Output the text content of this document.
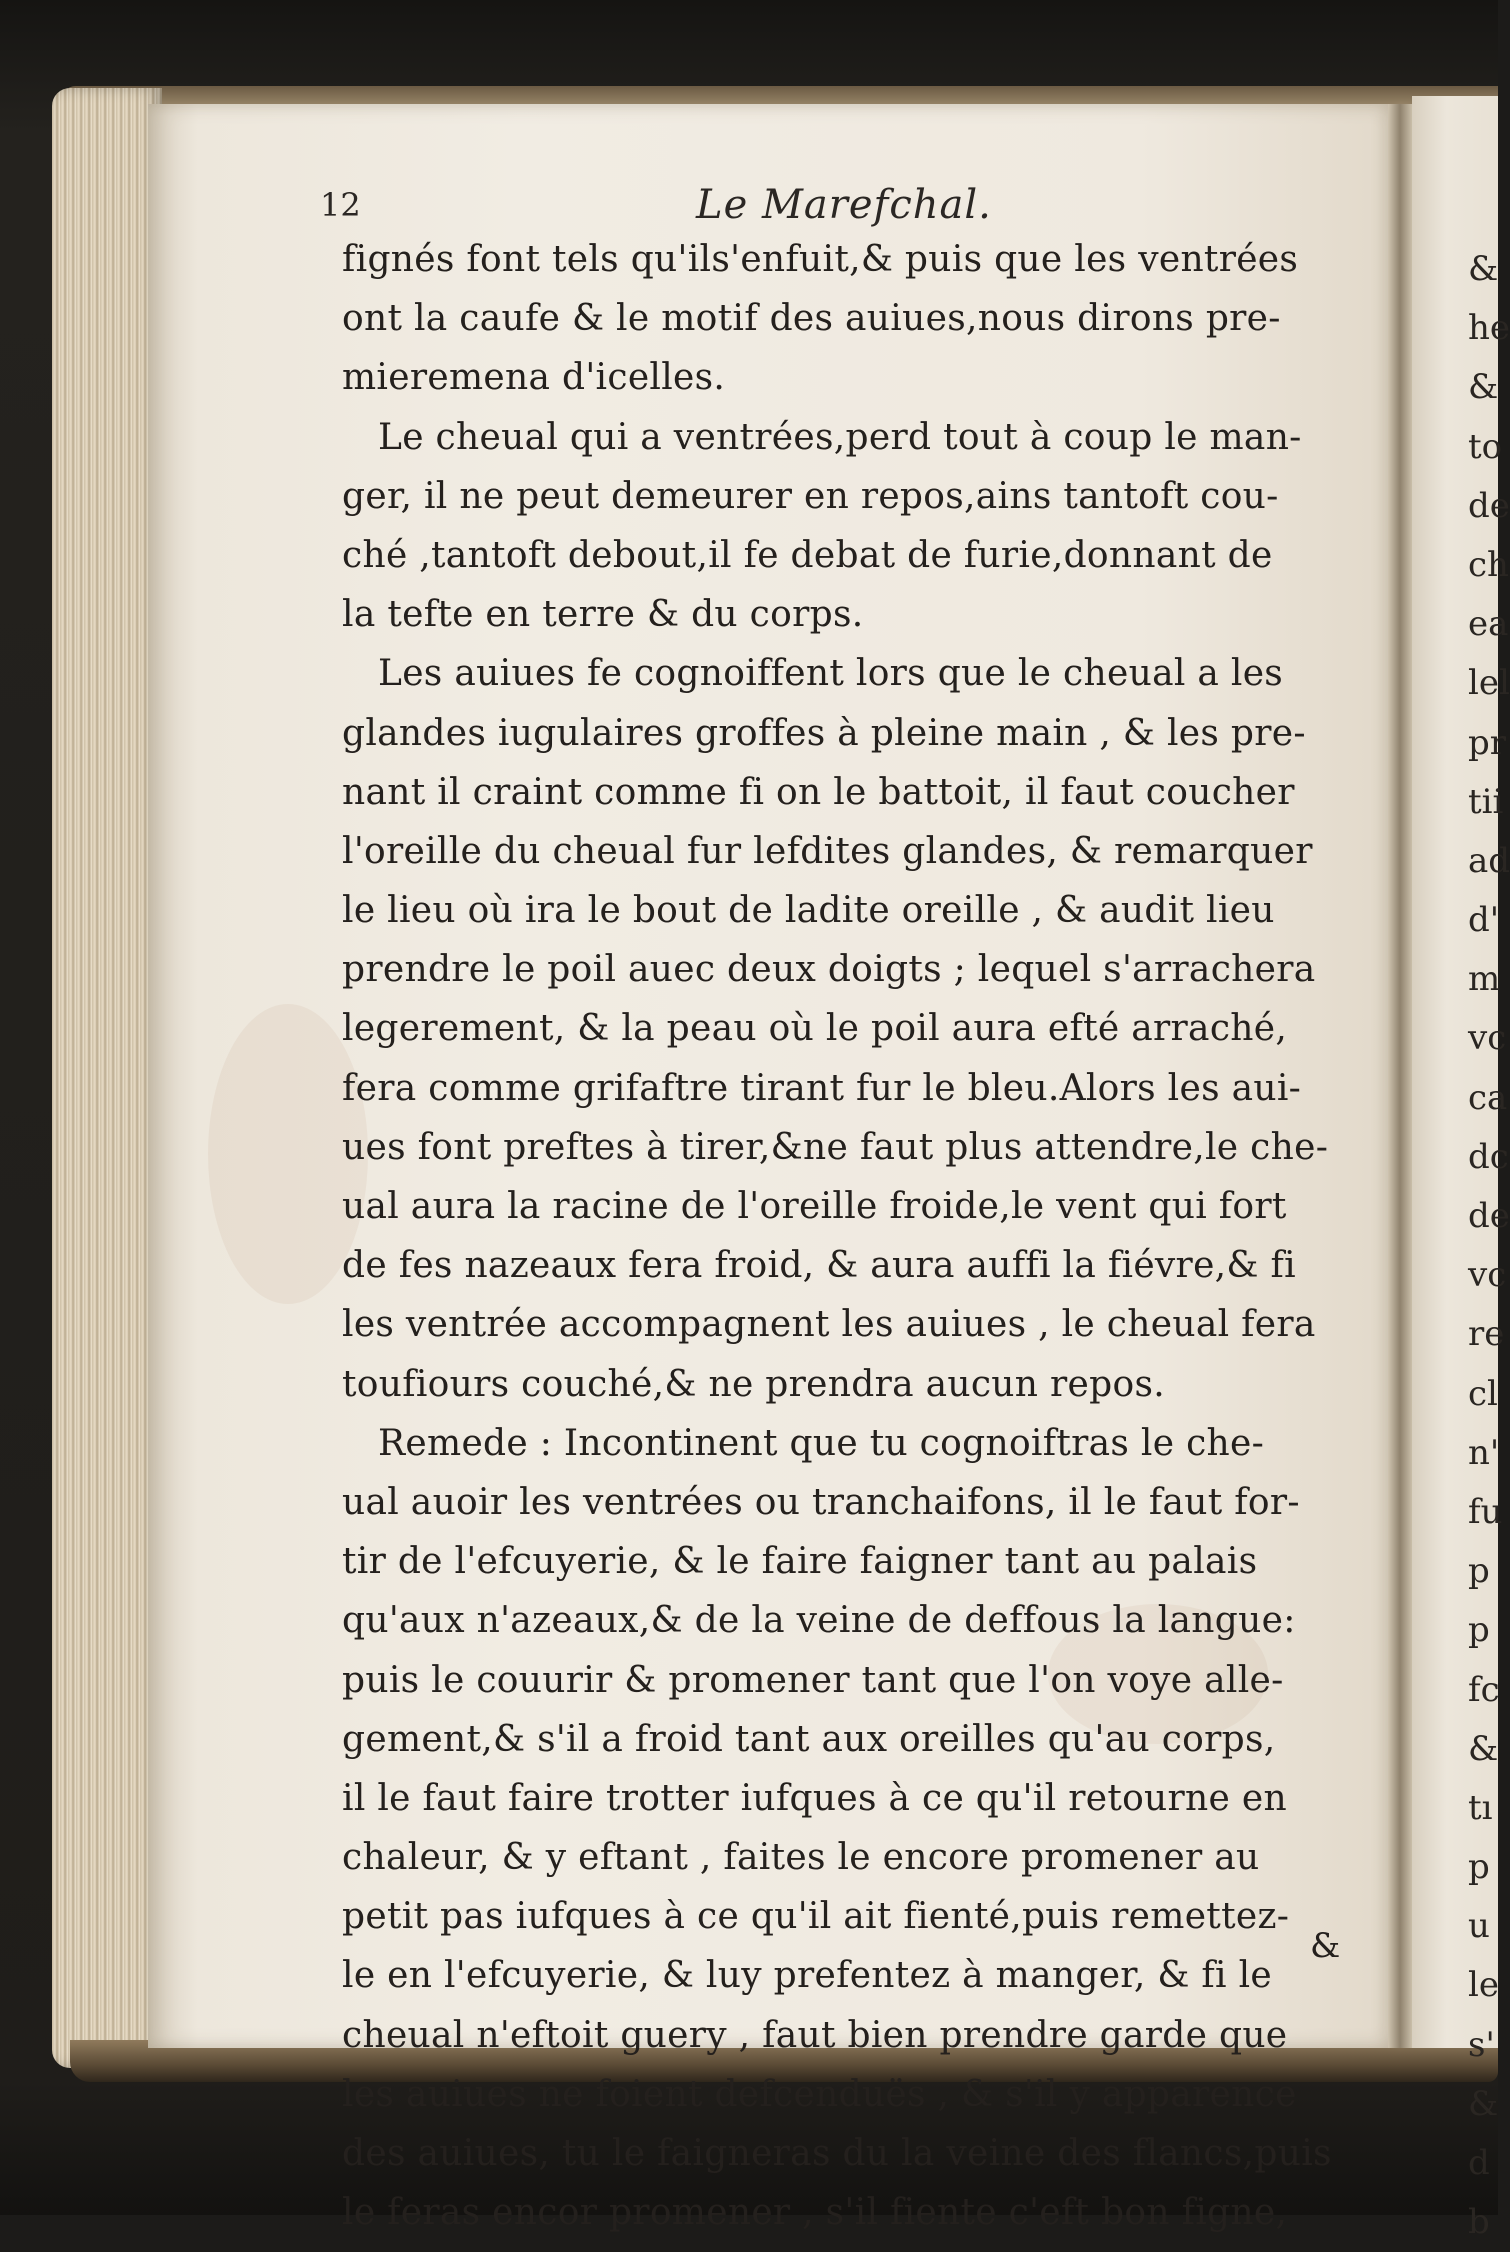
&
he
&
to
de
ch
ea
lel
pr
tii
ad
d'
m
vc
ca
dc
de
vc
re
cl
n'
fu
p
p
fc
&
tı
p
u
le
s'
&
d
b
12	Le Marefchal.
fignés font tels qu'ils'enfuit,& puis que les ventrées
ont la caufe & le motif des auiues,nous dirons pre-
mieremena d'icelles.
Le cheual qui a ventrées,perd tout à coup le man-
ger, il ne peut demeurer en repos,ains tantoft cou-
ché ,tantoft debout,il fe debat de furie,donnant de
la tefte en terre & du corps.
Les auiues fe cognoiffent lors que le cheual a les
glandes iugulaires groffes à pleine main , & les pre-
nant il craint comme fi on le battoit, il faut coucher
l'oreille du cheual fur lefdites glandes, & remarquer
le lieu où ira le bout de ladite oreille , & audit lieu
prendre le poil auec deux doigts ; lequel s'arrachera
legerement, & la peau où le poil aura efté arraché,
fera comme grifaftre tirant fur le bleu.Alors les aui-
ues font preftes à tirer,&ne faut plus attendre,le che-
ual aura la racine de l'oreille froide,le vent qui fort
de fes nazeaux fera froid, & aura auffi la fiévre,& fi
les ventrée accompagnent les auiues , le cheual fera
toufiours couché,& ne prendra aucun repos.
Remede : Incontinent que tu cognoiftras le che-
ual auoir les ventrées ou tranchaifons, il le faut for-
tir de l'efcuyerie, & le faire faigner tant au palais
qu'aux n'azeaux,& de la veine de deffous la langue:
puis le couurir & promener tant que l'on voye alle-
gement,& s'il a froid tant aux oreilles qu'au corps,
il le faut faire trotter iufques à ce qu'il retourne en
chaleur, & y eftant , faites le encore promener au
petit pas iufques à ce qu'il ait fienté,puis remettez-
le en l'efcuyerie, & luy prefentez à manger, & fi le
cheual n'eftoit guery , faut bien prendre garde que
les auiues ne foient defcenduës , & s'il y apparence
des auiues, tu le faigneras du la veine des flancs,puis
le feras encor promener , s'il fiente c'eft bon figne,
&
